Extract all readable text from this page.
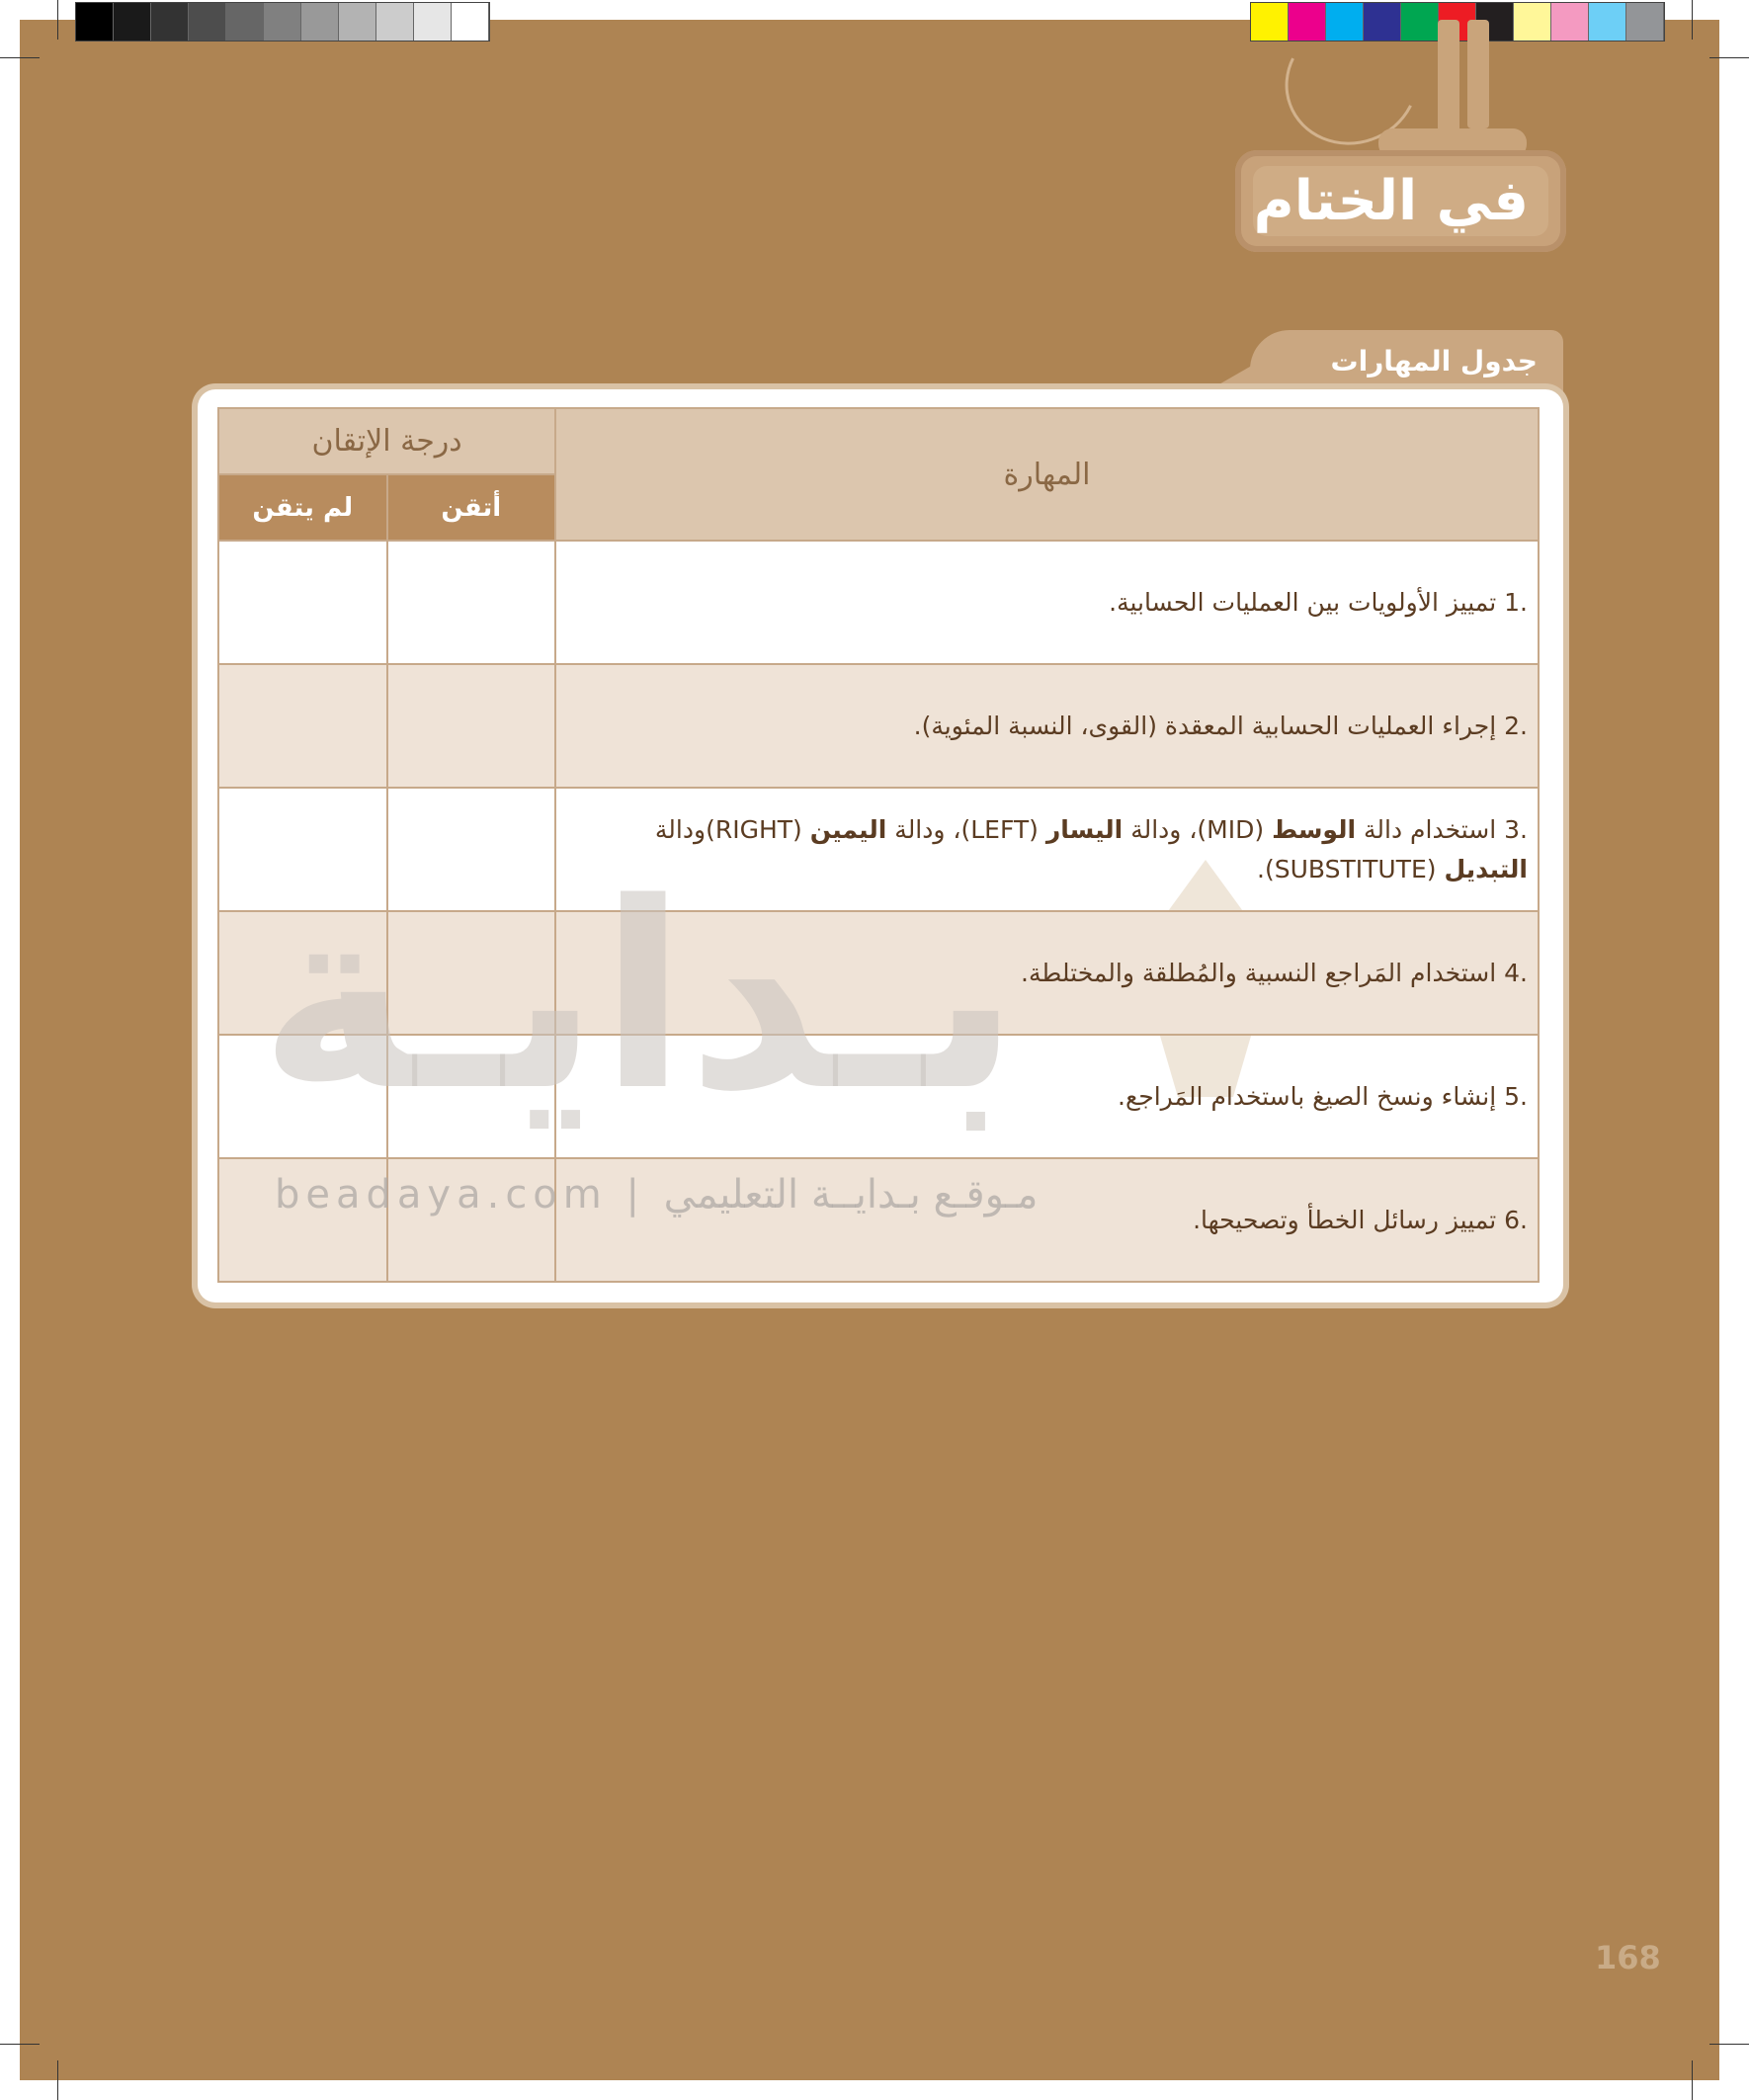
في الختام
جدول المهارات
المهارة	درجة الإتقان	
	أتقن	لم يتقن
1. تمييز الأولويات بين العمليات الحسابية.		
2. إجراء العمليات الحسابية المعقدة (القوى، النسبة المئوية).		
3. استخدام دالة الوسط (MID)، ودالة اليسار (LEFT)، ودالة اليمين (RIGHT)ودالة التبديل (SUBSTITUTE).		
4. استخدام المَراجع النسبية والمُطلقة والمختلطة.		
5. إنشاء ونسخ الصيغ باستخدام المَراجع.		
6. تمييز رسائل الخطأ وتصحيحها.		
بـدايـة
beadaya.com | مـوقـع بـدايــة التعليمي
168
